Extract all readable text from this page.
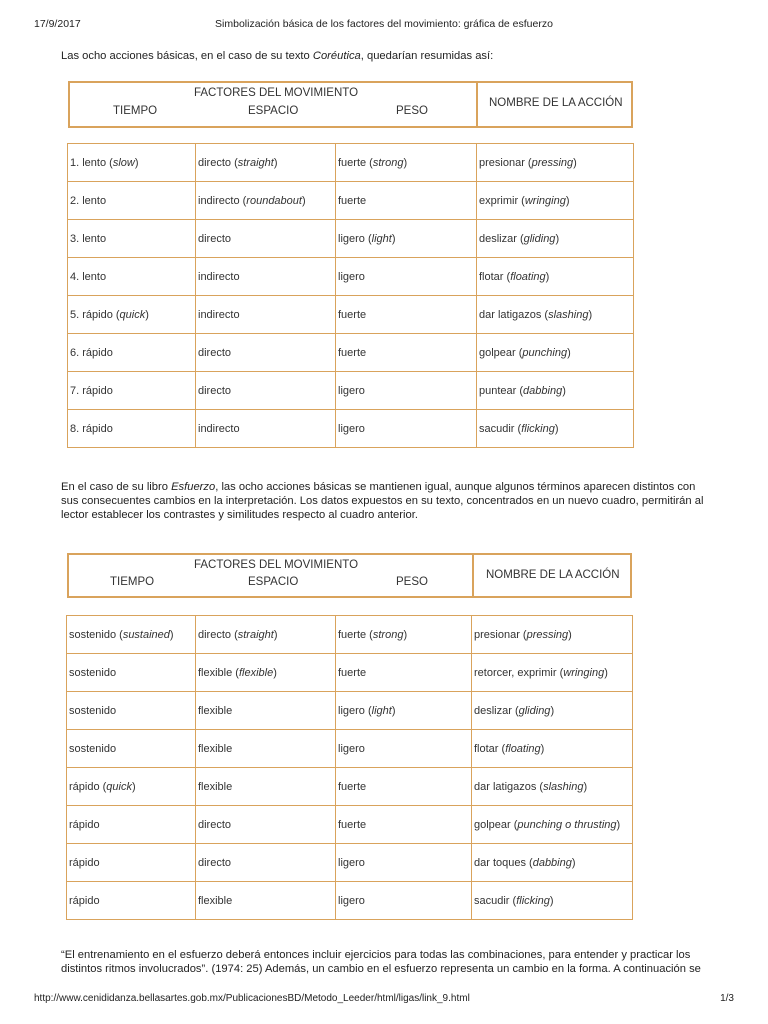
17/9/2017	Simbolización básica de los factores del movimiento: gráfica de esfuerzo

Las ocho acciones básicas, en el caso de su texto Coréutica, quedarían resumidas así:

FACTORES DEL MOVIMIENTO
TIEMPO	ESPACIO	PESO
NOMBRE DE LA ACCIÓN
1. lento (slow)	directo (straight)	fuerte (strong)	presionar (pressing)
2. lento	indirecto (roundabout)	fuerte	exprimir (wringing)
3. lento	directo	ligero (light)	deslizar (gliding)
4. lento	indirecto	ligero	flotar (floating)
5. rápido (quick)	indirecto	fuerte	dar latigazos (slashing)
6. rápido	directo	fuerte	golpear (punching)
7. rápido	directo	ligero	puntear (dabbing)
8. rápido	indirecto	ligero	sacudir (flicking)

En el caso de su libro Esfuerzo, las ocho acciones básicas se mantienen igual, aunque algunos términos aparecen distintos con sus consecuentes cambios en la interpretación. Los datos expuestos en su texto, concentrados en un nuevo cuadro, permitirán al lector establecer los contrastes y similitudes respecto al cuadro anterior.

FACTORES DEL MOVIMIENTO
TIEMPO	ESPACIO	PESO
NOMBRE DE LA ACCIÓN
sostenido (sustained)	directo (straight)	fuerte (strong)	presionar (pressing)
sostenido	flexible (flexible)	fuerte	retorcer, exprimir (wringing)
sostenido	flexible	ligero (light)	deslizar (gliding)
sostenido	flexible	ligero	flotar (floating)
rápido (quick)	flexible	fuerte	dar latigazos (slashing)
rápido	directo	fuerte	golpear (punching o thrusting)
rápido	directo	ligero	dar toques (dabbing)
rápido	flexible	ligero	sacudir (flicking)

“El entrenamiento en el esfuerzo deberá entonces incluir ejercicios para todas las combinaciones, para entender y practicar los distintos ritmos involucrados”. (1974: 25) Además, un cambio en el esfuerzo representa un cambio en la forma. A continuación se

http://www.cenididanza.bellasartes.gob.mx/PublicacionesBD/Metodo_Leeder/html/ligas/link_9.html	1/3
